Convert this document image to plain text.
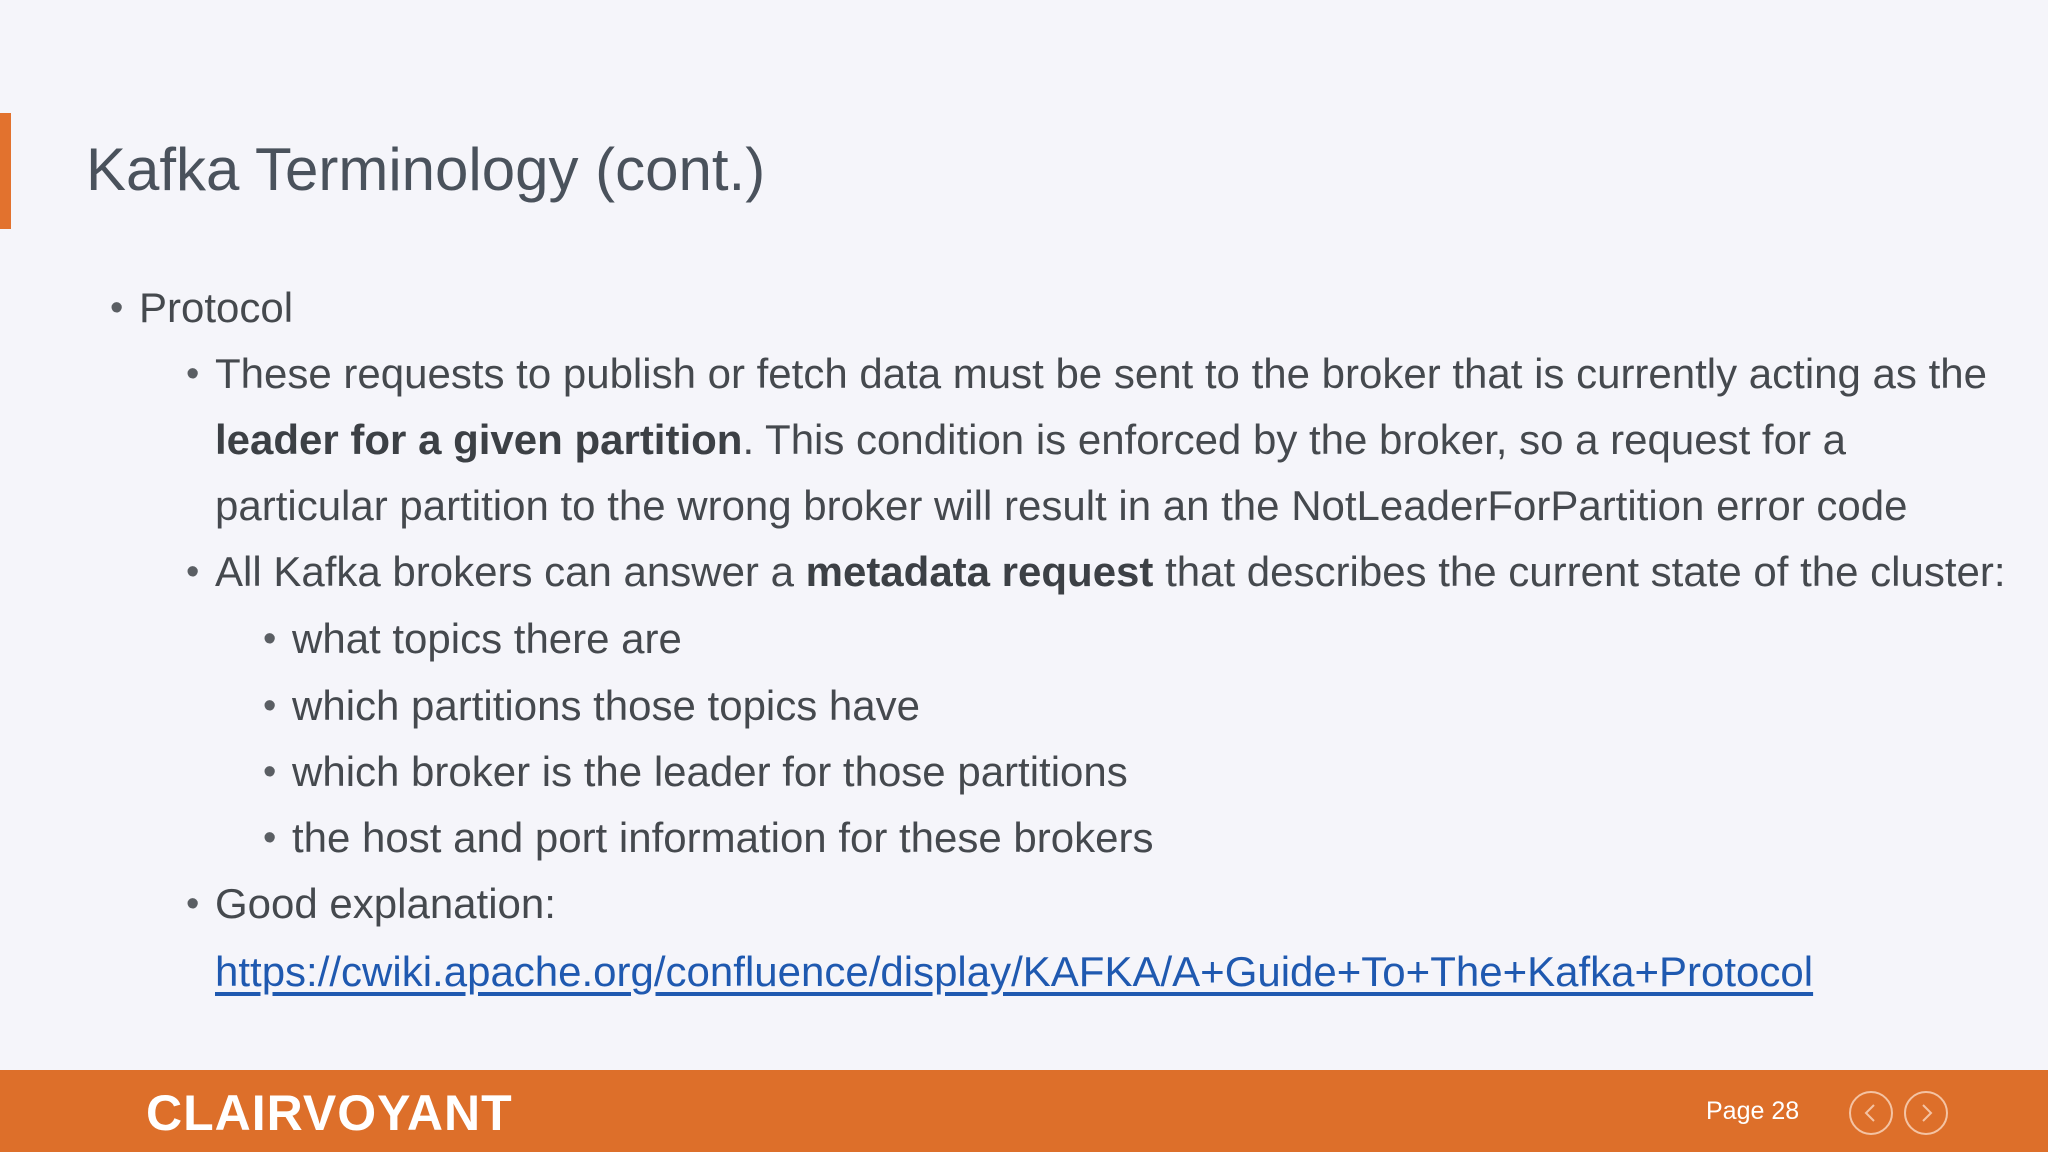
Kafka Terminology (cont.)
• Protocol
• These requests to publish or fetch data must be sent to the broker that is currently acting as the
leader for a given partition. This condition is enforced by the broker, so a request for a
particular partition to the wrong broker will result in an the NotLeaderForPartition error code
• All Kafka brokers can answer a metadata request that describes the current state of the cluster:
• what topics there are
• which partitions those topics have
• which broker is the leader for those partitions
• the host and port information for these brokers
• Good explanation:
https://cwiki.apache.org/confluence/display/KAFKA/A+Guide+To+The+Kafka+Protocol
CLAIRVOYANT	Page 28
